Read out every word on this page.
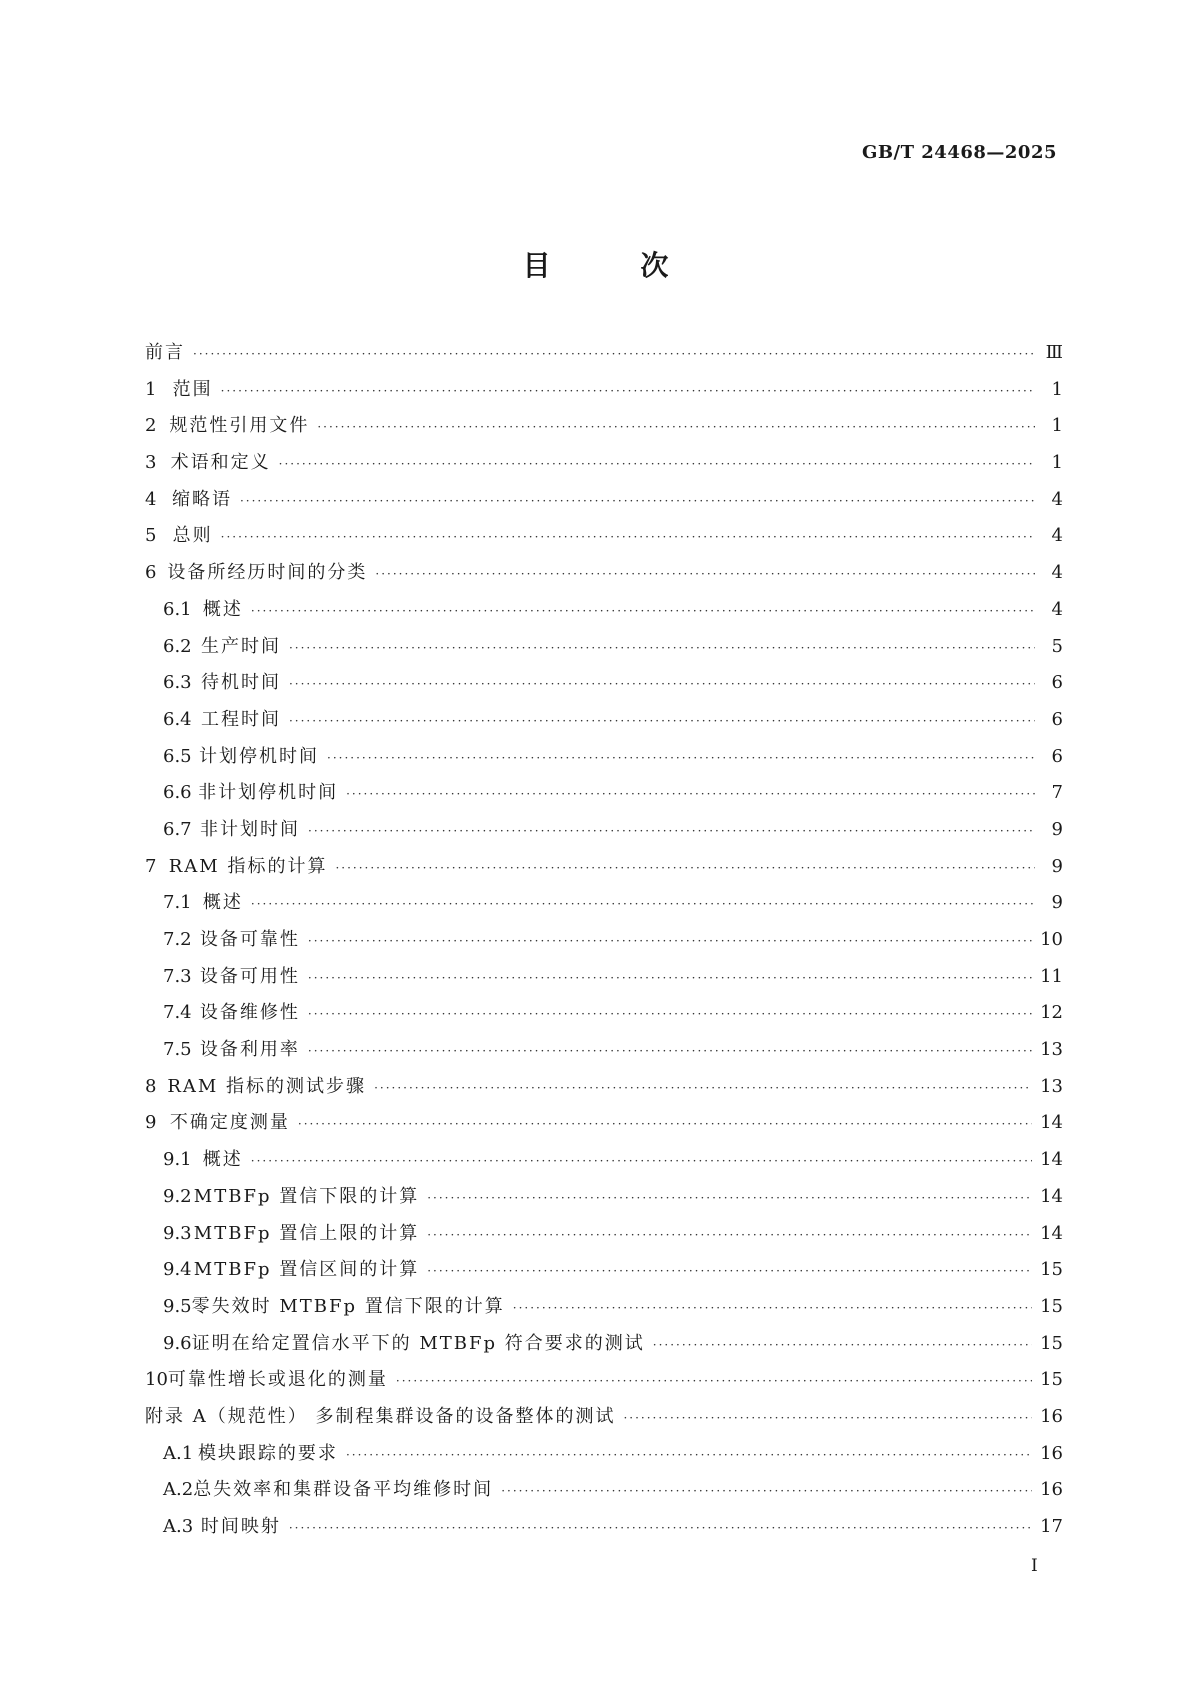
GB/T 24468—2025
目 次
前言 ·····	Ⅲ
1 范围 ·····	1
2 规范性引用文件 ·····	1
3 术语和定义 ·····	1
4 缩略语 ·····	4
5 总则 ·····	4
6 设备所经历时间的分类 ·····	4
6.1 概述 ·····	4
6.2 生产时间 ·····	5
6.3 待机时间 ·····	6
6.4 工程时间 ·····	6
6.5 计划停机时间 ·····	6
6.6 非计划停机时间 ·····	7
6.7 非计划时间 ·····	9
7 RAM 指标的计算 ·····	9
7.1 概述 ·····	9
7.2 设备可靠性 ·····	10
7.3 设备可用性 ·····	11
7.4 设备维修性 ·····	12
7.5 设备利用率 ·····	13
8 RAM 指标的测试步骤 ·····	13
9 不确定度测量 ·····	14
9.1 概述 ·····	14
9.2 MTBFp 置信下限的计算 ·····	14
9.3 MTBFp 置信上限的计算 ·····	14
9.4 MTBFp 置信区间的计算 ·····	15
9.5 零失效时 MTBFp 置信下限的计算 ·····	15
9.6 证明在给定置信水平下的 MTBFp 符合要求的测试 ·····	15
10 可靠性增长或退化的测量 ·····	15
附录 A（规范性） 多制程集群设备的设备整体的测试 ·····	16
A.1 模块跟踪的要求 ·····	16
A.2 总失效率和集群设备平均维修时间 ·····	16
A.3 时间映射 ·····	17
Ⅰ
